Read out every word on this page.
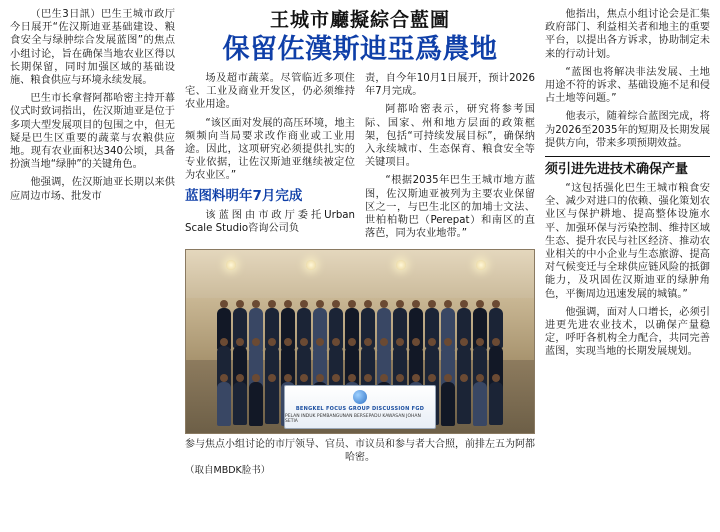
（巴生3日訊）巴生王城市政厅今日展开“佐汉斯迪亚基础建设、粮食安全与绿肿综合发展蓝图”的焦点小组讨论，旨在确保当地农业区得以长期保留，同时加强区域的基础设施、粮食供应与环境永续发展。

巴生市长拿督阿都哈密主持开幕仪式时致词指出，佐汉斯迪亚是位于多项大型发展项目的包围之中，但无疑是巴生区重要的蔬菜与农粮供应地。现有农业面积达340公顷，具备扮演当地“绿肿”的关键角色。

他强调，佐汉斯迪亚长期以来供应周边市场、批发市

王城市廳擬綜合藍圖
保留佐漢斯迪亞爲農地

场及超市蔬菜。尽管临近多项住宅、工业及商业开发区，仍必须维持农业用途。

“该区面对发展的高压环境，地主频频向当局要求改作商业或工业用途。因此，这项研究必须提供扎实的专业依据，让佐汉斯迪亚继续被定位为农业区。”

蓝图料明年7月完成

该蓝图由市政厅委托Urban Scale Studio咨询公司负

责，自今年10月1日展开，预计2026年7月完成。

阿都哈密表示，研究将参考国际、国家、州和地方层面的政策框架，包括“可持续发展目标”，确保纳入永续城市、生态保育、粮食安全等关键项目。

“根据2035年巴生王城市地方蓝图，佐汉斯迪亚被列为主要农业保留区之一，与巴生北区的加埔士文法、世柏柏勒巴（Perepat）和南区的直落芭，同为农业地带。”

BENGKEL FOCUS GROUP DISCUSSION FGD
PELAN INDUK PEMBANGUNAN BERSEPADU KAWASAN JOHAN SETIA
参与焦点小组讨论的市厅领导、官员、市议员和参与者大合照，前排左五为阿都哈密。
（取自MBDK脸书）

他指出，焦点小组讨论会是汇集政府部门、利益相关者和地主的重要平台，以提出各方诉求，协助制定未来的行动计划。

“蓝图也将解决非法发展、土地用途不符的诉求、基础设施不足和侵占土地等问题。”

他表示，随着综合蓝图完成，将为2026至2035年的短期及长期发展提供方向，带来多项预期效益。

须引进先进技术确保产量

“这包括强化巴生王城市粮食安全、减少对进口的依赖、强化策划农业区与保护耕地、提高整体设施水平、加强环保与污染控制、维持区域生态、提升农民与社区经济、推动农业相关的中小企业与生态旅游、提高对气候变迁与全球供应链风险的抵御能力，及巩固佐汉斯迪亚的绿肿角色，平衡周边迅速发展的城镇。”

他强调，面对人口增长，必须引进更先进农业技术，以确保产量稳定，呼吁各机构全力配合，共同完善蓝图，实现当地的长期发展规划。
